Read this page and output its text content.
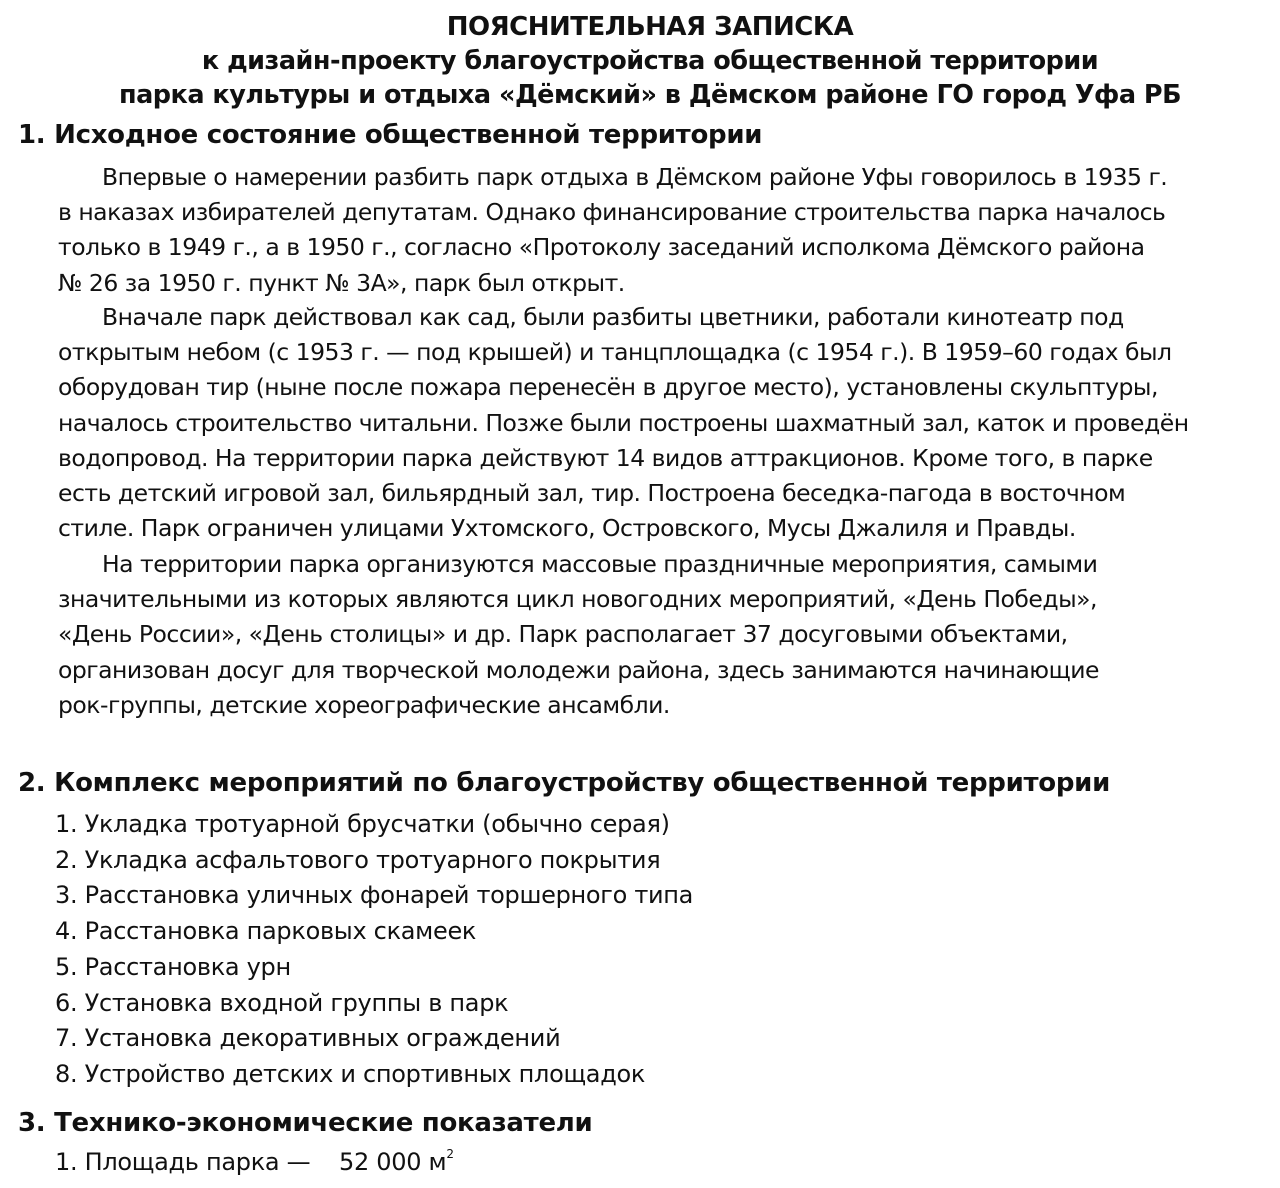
ПОЯСНИТЕЛЬНАЯ ЗАПИСКА
к дизайн-проекту благоустройства общественной территории
парка культуры и отдыха «Дёмский» в Дёмском районе ГО город Уфа РБ
1. Исходное состояние общественной территории
Впервые о намерении разбить парк отдыха в Дёмском районе Уфы говорилось в 1935 г.
в наказах избирателей депутатам. Однако финансирование строительства парка началось
только в 1949 г., а в 1950 г., согласно «Протоколу заседаний исполкома Дёмского района
№ 26 за 1950 г. пункт № 3А», парк был открыт.
Вначале парк действовал как сад, были разбиты цветники, работали кинотеатр под
открытым небом (с 1953 г. — под крышей) и танцплощадка (с 1954 г.). В 1959–60 годах был
оборудован тир (ныне после пожара перенесён в другое место), установлены скульптуры,
началось строительство читальни. Позже были построены шахматный зал, каток и проведён
водопровод. На территории парка действуют 14 видов аттракционов. Кроме того, в парке
есть детский игровой зал, бильярдный зал, тир. Построена беседка-пагода в восточном
стиле. Парк ограничен улицами Ухтомского, Островского, Мусы Джалиля и Правды.
На территории парка организуются массовые праздничные мероприятия, самыми
значительными из которых являются цикл новогодних мероприятий, «День Победы»,
«День России», «День столицы» и др. Парк располагает 37 досуговыми объектами,
организован досуг для творческой молодежи района, здесь занимаются начинающие
рок-группы, детские хореографические ансамбли.
2. Комплекс мероприятий по благоустройству общественной территории
1. Укладка тротуарной брусчатки (обычно серая)
2. Укладка асфальтового тротуарного покрытия
3. Расстановка уличных фонарей торшерного типа
4. Расстановка парковых скамеек
5. Расстановка урн
6. Установка входной группы в парк
7. Установка декоративных ограждений
8. Устройство детских и спортивных площадок
3. Технико-экономические показатели
1. Площадь парка — 52 000 $м^2$
